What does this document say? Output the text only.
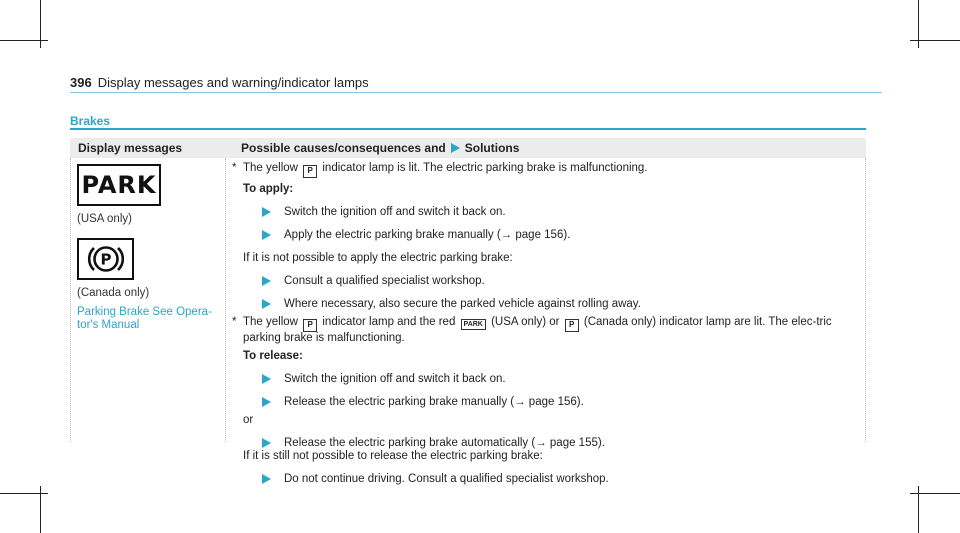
396 Display messages and warning/indicator lamps
Brakes
Display messages	Possible causes/consequences and Solutions
PARK
(USA only)
P
(Canada only)
Parking Brake See Opera-tor's Manual
* The yellow P indicator lamp is lit. The electric parking brake is malfunctioning.
To apply:
Switch the ignition off and switch it back on.
Apply the electric parking brake manually (→ page 156).
If it is not possible to apply the electric parking brake:
Consult a qualified specialist workshop.
Where necessary, also secure the parked vehicle against rolling away.
* The yellow P indicator lamp and the red PARK (USA only) or P (Canada only) indicator lamp are lit. The elec-tric parking brake is malfunctioning.
To release:
Switch the ignition off and switch it back on.
Release the electric parking brake manually (→ page 156).
or
Release the electric parking brake automatically (→ page 155).
If it is still not possible to release the electric parking brake:
Do not continue driving. Consult a qualified specialist workshop.
